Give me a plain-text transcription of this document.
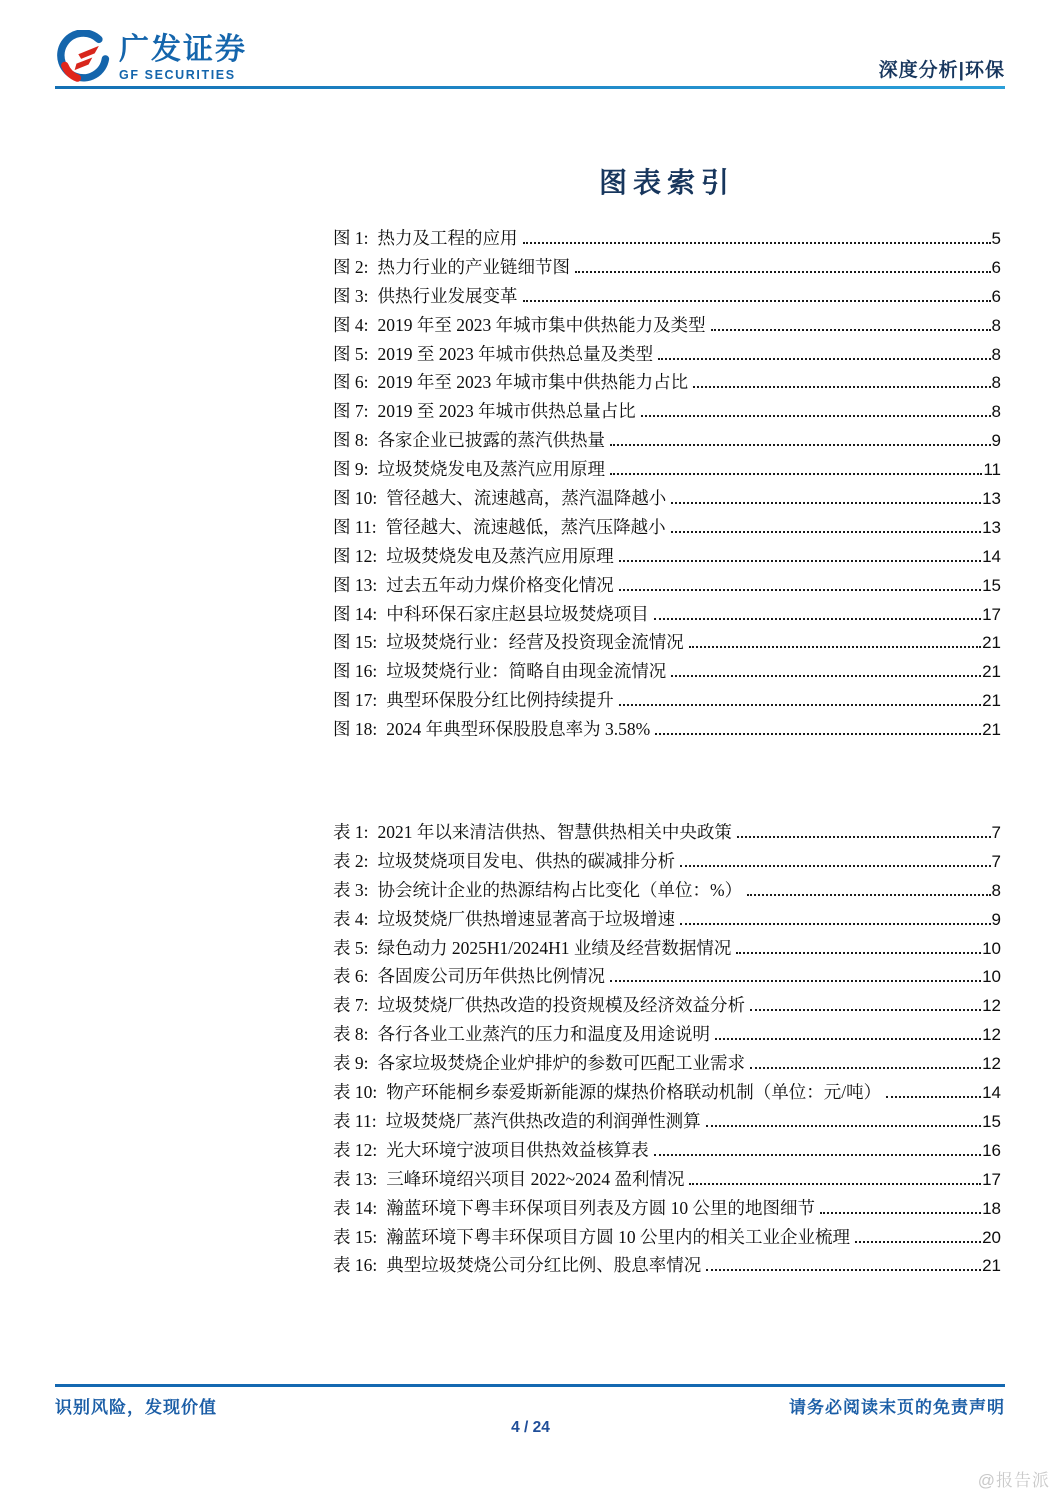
广发证券
GF SECURITIES	深度分析|环保
图表索引
图 1: 热力及工程的应用	5
图 2: 热力行业的产业链细节图	6
图 3: 供热行业发展变革	6
图 4: 2019 年至 2023 年城市集中供热能力及类型	8
图 5: 2019 至 2023 年城市供热总量及类型	8
图 6: 2019 年至 2023 年城市集中供热能力占比	8
图 7: 2019 至 2023 年城市供热总量占比	8
图 8: 各家企业已披露的蒸汽供热量	9
图 9: 垃圾焚烧发电及蒸汽应用原理	11
图 10: 管径越大、流速越高，蒸汽温降越小	13
图 11: 管径越大、流速越低，蒸汽压降越小	13
图 12: 垃圾焚烧发电及蒸汽应用原理	14
图 13: 过去五年动力煤价格变化情况	15
图 14: 中科环保石家庄赵县垃圾焚烧项目	17
图 15: 垃圾焚烧行业：经营及投资现金流情况	21
图 16: 垃圾焚烧行业：简略自由现金流情况	21
图 17: 典型环保股分红比例持续提升	21
图 18: 2024 年典型环保股股息率为 3.58%	21
表 1: 2021 年以来清洁供热、智慧供热相关中央政策	7
表 2: 垃圾焚烧项目发电、供热的碳减排分析	7
表 3: 协会统计企业的热源结构占比变化（单位：%）	8
表 4: 垃圾焚烧厂供热增速显著高于垃圾增速	9
表 5: 绿色动力 2025H1/2024H1 业绩及经营数据情况	10
表 6: 各固废公司历年供热比例情况	10
表 7: 垃圾焚烧厂供热改造的投资规模及经济效益分析	12
表 8: 各行各业工业蒸汽的压力和温度及用途说明	12
表 9: 各家垃圾焚烧企业炉排炉的参数可匹配工业需求	12
表 10: 物产环能桐乡泰爱斯新能源的煤热价格联动机制（单位：元/吨）	14
表 11: 垃圾焚烧厂蒸汽供热改造的利润弹性测算	15
表 12: 光大环境宁波项目供热效益核算表	16
表 13: 三峰环境绍兴项目 2022~2024 盈利情况	17
表 14: 瀚蓝环境下粤丰环保项目列表及方圆 10 公里的地图细节	18
表 15: 瀚蓝环境下粤丰环保项目方圆 10 公里内的相关工业企业梳理	20
表 16: 典型垃圾焚烧公司分红比例、股息率情况	21
识别风险，发现价值	请务必阅读末页的免责声明
4 / 24
@报告派
